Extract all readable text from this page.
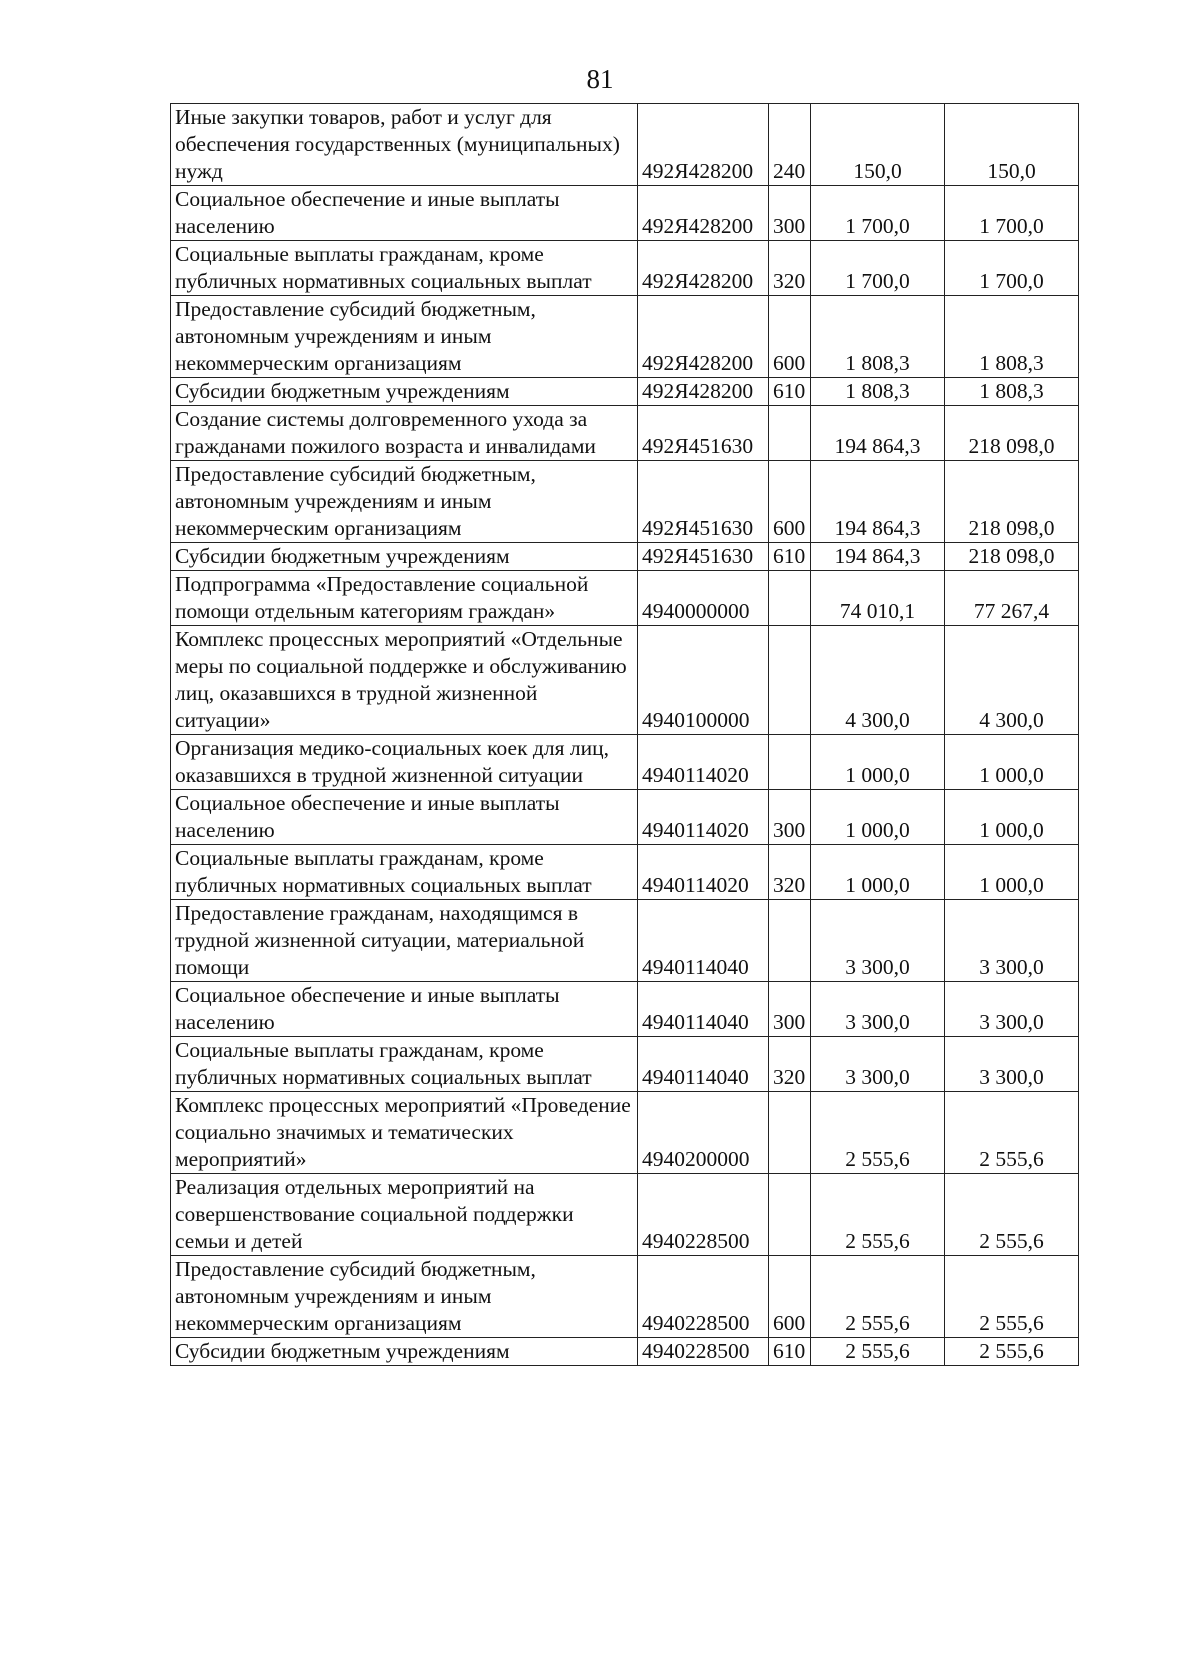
81
Иные закупки товаров, работ и услуг для обеспечения государственных (муниципальных) нужд	492Я428200	240	150,0	150,0
Социальное обеспечение и иные выплаты населению	492Я428200	300	1 700,0	1 700,0
Социальные выплаты гражданам, кроме публичных нормативных социальных выплат	492Я428200	320	1 700,0	1 700,0
Предоставление субсидий бюджетным, автономным учреждениям и иным некоммерческим организациям	492Я428200	600	1 808,3	1 808,3
Субсидии бюджетным учреждениям	492Я428200	610	1 808,3	1 808,3
Создание системы долговременного ухода за гражданами пожилого возраста и инвалидами	492Я451630		194 864,3	218 098,0
Предоставление субсидий бюджетным, автономным учреждениям и иным некоммерческим организациям	492Я451630	600	194 864,3	218 098,0
Субсидии бюджетным учреждениям	492Я451630	610	194 864,3	218 098,0
Подпрограмма «Предоставление социальной помощи отдельным категориям граждан»	4940000000		74 010,1	77 267,4
Комплекс процессных мероприятий «Отдельные меры по социальной поддержке и обслуживанию лиц, оказавшихся в трудной жизненной ситуации»	4940100000		4 300,0	4 300,0
Организация медико-социальных коек для лиц, оказавшихся в трудной жизненной ситуации	4940114020		1 000,0	1 000,0
Социальное обеспечение и иные выплаты населению	4940114020	300	1 000,0	1 000,0
Социальные выплаты гражданам, кроме публичных нормативных социальных выплат	4940114020	320	1 000,0	1 000,0
Предоставление гражданам, находящимся в трудной жизненной ситуации, материальной помощи	4940114040		3 300,0	3 300,0
Социальное обеспечение и иные выплаты населению	4940114040	300	3 300,0	3 300,0
Социальные выплаты гражданам, кроме публичных нормативных социальных выплат	4940114040	320	3 300,0	3 300,0
Комплекс процессных мероприятий «Проведение социально значимых и тематических мероприятий»	4940200000		2 555,6	2 555,6
Реализация отдельных мероприятий на совершенствование социальной поддержки семьи и детей	4940228500		2 555,6	2 555,6
Предоставление субсидий бюджетным, автономным учреждениям и иным некоммерческим организациям	4940228500	600	2 555,6	2 555,6
Субсидии бюджетным учреждениям	4940228500	610	2 555,6	2 555,6
